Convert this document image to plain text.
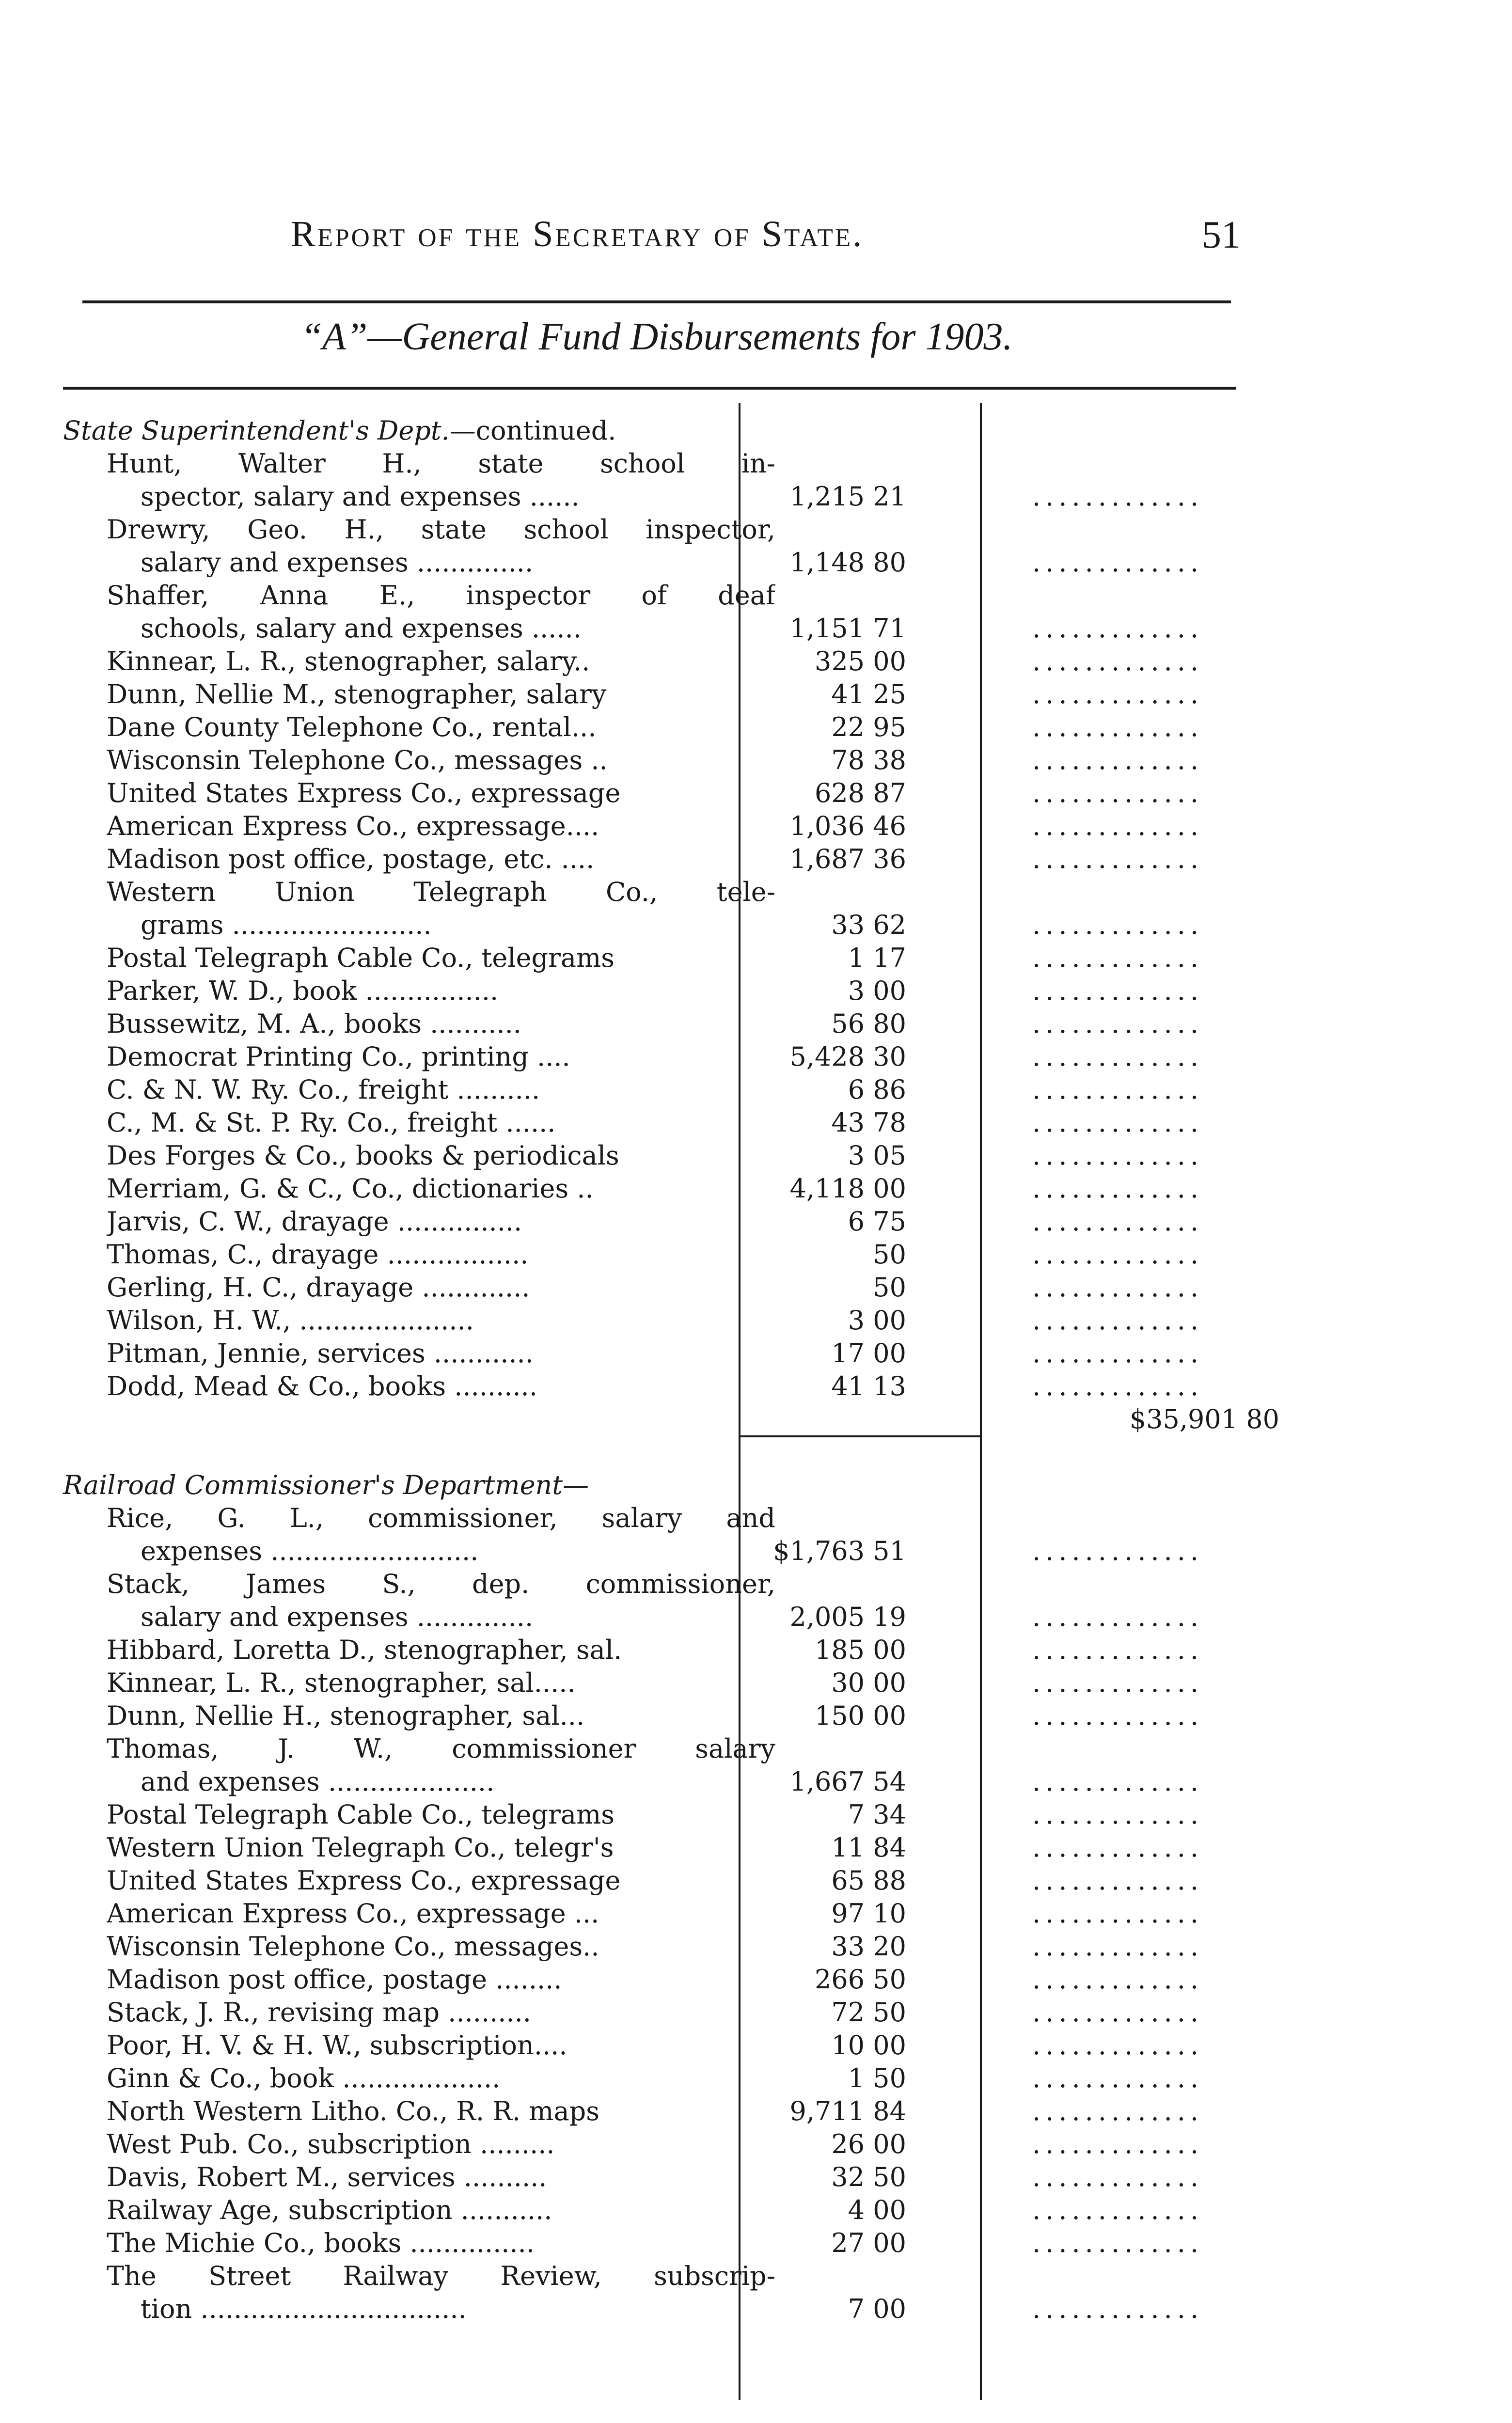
Report of the Secretary of State.	51
“A”—General Fund Disbursements for 1903.
State Superintendent's Dept.—continued.
Hunt, Walter H., state school in-
spector, salary and expenses ......	1,215 21	.............
Drewry, Geo. H., state school inspector,
salary and expenses ..............	1,148 80	.............
Shaffer, Anna E., inspector of deaf
schools, salary and expenses ......	1,151 71	.............
Kinnear, L. R., stenographer, salary..	325 00	.............
Dunn, Nellie M., stenographer, salary	41 25	.............
Dane County Telephone Co., rental...	22 95	.............
Wisconsin Telephone Co., messages ..	78 38	.............
United States Express Co., expressage	628 87	.............
American Express Co., expressage....	1,036 46	.............
Madison post office, postage, etc. ....	1,687 36	.............
Western Union Telegraph Co., tele-
grams ........................	33 62	.............
Postal Telegraph Cable Co., telegrams	1 17	.............
Parker, W. D., book ................	3 00	.............
Bussewitz, M. A., books ...........	56 80	.............
Democrat Printing Co., printing ....	5,428 30	.............
C. & N. W. Ry. Co., freight ..........	6 86	.............
C., M. & St. P. Ry. Co., freight ......	43 78	.............
Des Forges & Co., books & periodicals	3 05	.............
Merriam, G. & C., Co., dictionaries ..	4,118 00	.............
Jarvis, C. W., drayage ...............	6 75	.............
Thomas, C., drayage .................	50	.............
Gerling, H. C., drayage .............	50	.............
Wilson, H. W., .....................	3 00	.............
Pitman, Jennie, services ............	17 00	.............
Dodd, Mead & Co., books ..........	41 13	.............
$35,901 80
Railroad Commissioner's Department—
Rice, G. L., commissioner, salary and
expenses .........................	$1,763 51	.............
Stack, James S., dep. commissioner,
salary and expenses ..............	2,005 19	.............
Hibbard, Loretta D., stenographer, sal.	185 00	.............
Kinnear, L. R., stenographer, sal.....	30 00	.............
Dunn, Nellie H., stenographer, sal...	150 00	.............
Thomas, J. W., commissioner salary
and expenses ....................	1,667 54	.............
Postal Telegraph Cable Co., telegrams	7 34	.............
Western Union Telegraph Co., telegr's	11 84	.............
United States Express Co., expressage	65 88	.............
American Express Co., expressage ...	97 10	.............
Wisconsin Telephone Co., messages..	33 20	.............
Madison post office, postage ........	266 50	.............
Stack, J. R., revising map ..........	72 50	.............
Poor, H. V. & H. W., subscription....	10 00	.............
Ginn & Co., book ...................	1 50	.............
North Western Litho. Co., R. R. maps	9,711 84	.............
West Pub. Co., subscription .........	26 00	.............
Davis, Robert M., services ..........	32 50	.............
Railway Age, subscription ...........	4 00	.............
The Michie Co., books ...............	27 00	.............
The Street Railway Review, subscrip-
tion ................................	7 00	.............
